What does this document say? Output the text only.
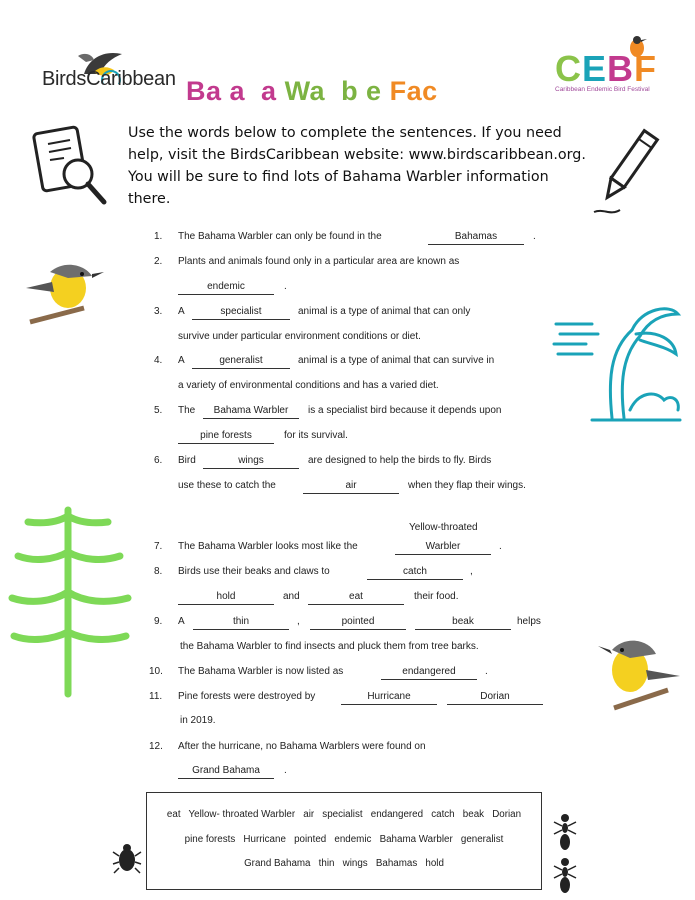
BirdsCaribbean	CEBF
Caribbean Endemic Bird Festival
Ba a  a Wa  b e Fac
Use the words below to complete the sentences. If you need
help, visit the BirdsCaribbean website: www.birdscaribbean.org.
You will be sure to find lots of Bahama Warbler information
there.
1. The Bahama Warbler can only be found in the	Bahamas	.
2. Plants and animals found only in a particular area are known as
endemic	.
3. A	specialist	animal is a type of animal that can only
survive under particular environment conditions or diet.
4. A	generalist	animal is a type of animal that can survive in
a variety of environmental conditions and has a varied diet.
5. The	Bahama Warbler	is a specialist bird because it depends upon
pine forests	for its survival.
6. Bird	wings	are designed to help the birds to fly. Birds
use these to catch the	air	when they flap their wings.
Yellow-throated
7. The Bahama Warbler looks most like the	Warbler	.
8. Birds use their beaks and claws to	catch	,
hold	and	eat	their food.
9. A	thin	,	pointed	beak	helps
the Bahama Warbler to find insects and pluck them from tree barks.
10. The Bahama Warbler is now listed as	endangered	.
11. Pine forests were destroyed by	Hurricane	Dorian
in 2019.
12. After the hurricane, no Bahama Warblers were found on
Grand Bahama	.
eat   Yellow- throated Warbler   air   specialist   endangered   catch   beak   Dorian
pine forests   Hurricane   pointed   endemic   Bahama Warbler   generalist
Grand Bahama   thin   wings   Bahamas   hold
